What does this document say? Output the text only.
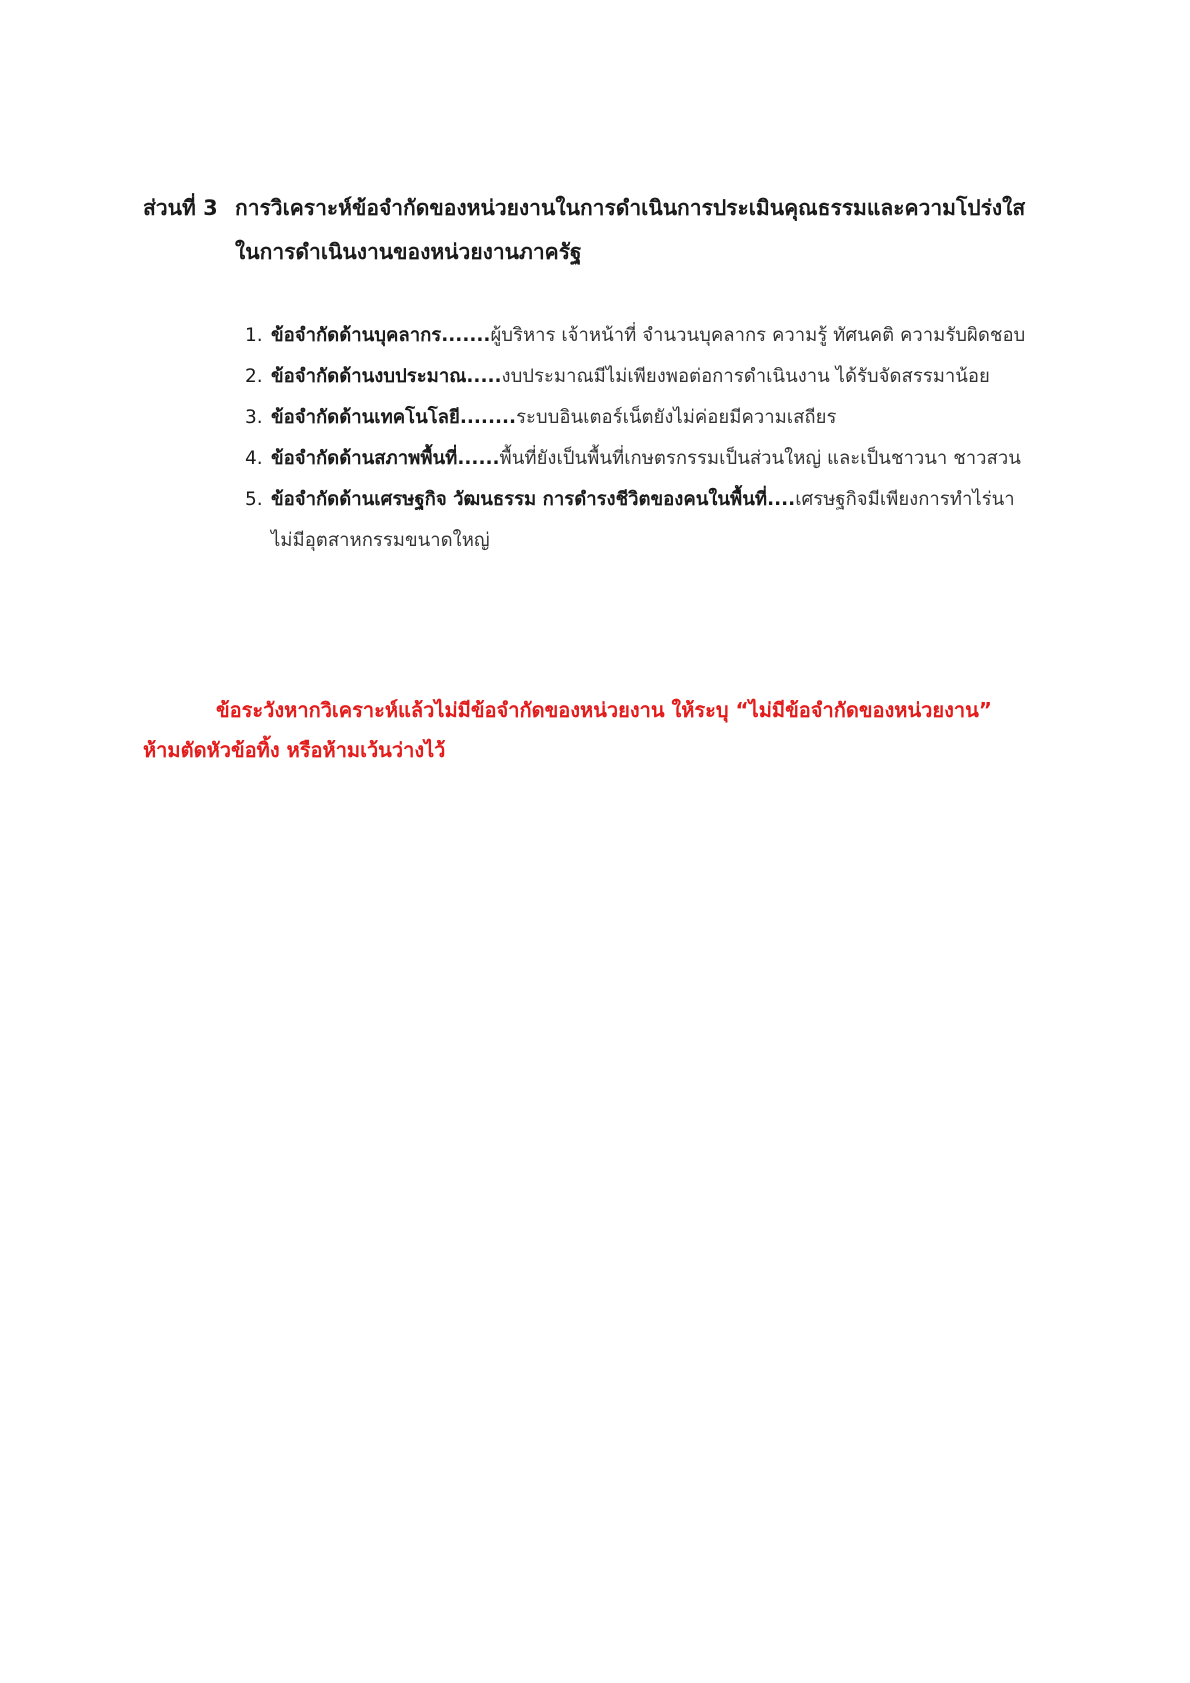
ส่วนที่ 3 การวิเคราะห์ข้อจำกัดของหน่วยงานในการดำเนินการประเมินคุณธรรมและความโปร่งใส
ในการดำเนินงานของหน่วยงานภาครัฐ
1. ข้อจำกัดด้านบุคลากร.......ผู้บริหาร เจ้าหน้าที่ จำนวนบุคลากร ความรู้ ทัศนคติ ความรับผิดชอบ
2. ข้อจำกัดด้านงบประมาณ.....งบประมาณมีไม่เพียงพอต่อการดำเนินงาน ได้รับจัดสรรมาน้อย
3. ข้อจำกัดด้านเทคโนโลยี........ระบบอินเตอร์เน็ตยังไม่ค่อยมีความเสถียร
4. ข้อจำกัดด้านสภาพพื้นที่......พื้นที่ยังเป็นพื้นที่เกษตรกรรมเป็นส่วนใหญ่ และเป็นชาวนา ชาวสวน
5. ข้อจำกัดด้านเศรษฐกิจ วัฒนธรรม การดำรงชีวิตของคนในพื้นที่....เศรษฐกิจมีเพียงการทำไร่นา
ไม่มีอุตสาหกรรมขนาดใหญ่
ข้อระวังหากวิเคราะห์แล้วไม่มีข้อจำกัดของหน่วยงาน ให้ระบุ “ไม่มีข้อจำกัดของหน่วยงาน”
ห้ามตัดหัวข้อทิ้ง หรือห้ามเว้นว่างไว้
